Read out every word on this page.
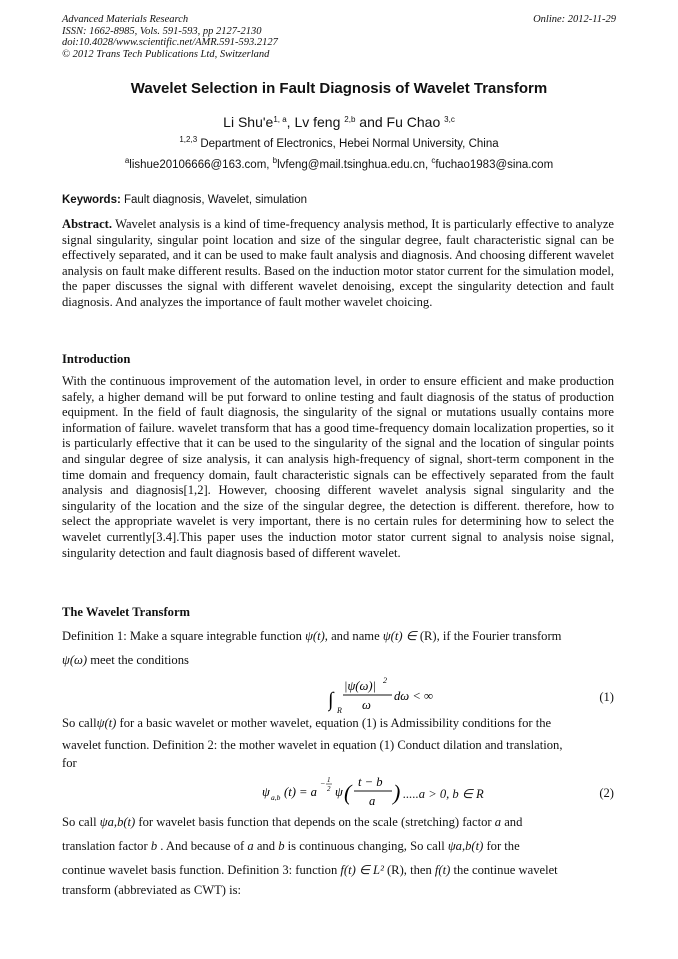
Advanced Materials Research
ISSN: 1662-8985, Vols. 591-593, pp 2127-2130
doi:10.4028/www.scientific.net/AMR.591-593.2127
© 2012 Trans Tech Publications Ltd, Switzerland
Online: 2012-11-29
Wavelet Selection in Fault Diagnosis of Wavelet Transform
Li $Shu'e^{1, a}$, Lv feng $^{2,b}$ and Fu Chao $^{3,c}$
$^{1,2,3}$ Department of Electronics, Hebei Normal University, China
$^a$lishue20106666@163.com, $^b$lvfeng@mail.tsinghua.edu.cn, $^c$fuchao1983@sina.com
Keywords: Fault diagnosis, Wavelet, simulation
Abstract. Wavelet analysis is a kind of time-frequency analysis method, It is particularly effective to analyze signal singularity, singular point location and size of the singular degree, fault characteristic signal can be effectively separated, and it can be used to make fault analysis and diagnosis. And choosing different wavelet analysis on fault make different results. Based on the induction motor stator current for the simulation model, the paper discusses the signal with different wavelet denoising, except the singularity detection and fault diagnosis. And analyzes the importance of fault mother wavelet choicing.
Introduction
With the continuous improvement of the automation level, in order to ensure efficient and make production safely, a higher demand will be put forward to online testing and fault diagnosis of the status of production equipment. In the field of fault diagnosis, the singularity of the signal or mutations usually contains more information of failure. wavelet transform that has a good time-frequency domain localization properties, so it is particularly effective that it can be used to the singularity of the signal and the location of singular points and singular degree of size analysis, it can analysis high-frequency of signal, short-term component in the time domain and frequency domain, fault characteristic signals can be effectively separated from the fault analysis and diagnosis[1,2]. However, choosing different wavelet analysis signal singularity and the singularity of the location and the size of the singular degree, the detection is different. therefore, how to select the appropriate wavelet is very important, there is no certain rules for determining how to select the wavelet currently[3.4].This paper uses the induction motor stator current signal to analysis noise signal, singularity detection and fault diagnosis based of different wavelet.
The Wavelet Transform
Definition 1: Make a square integrable function ψ(t), and name ψ(t) ∈ (R), if the Fourier transform
ψ(ω) meet the conditions
∫ R
|ψ(ω)| 2
ω
dω < ∞	(1)
So callψ(t) for a basic wavelet or mother wavelet, equation (1) is Admissibility conditions for the
wavelet function. Definition 2: the mother wavelet in equation (1) Conduct dilation and translation,
for
ψ a,b (t) = a
− 1
2 ψ ( t − b
a ) .....a > 0, b ∈ R	(2)
So call ψa,b(t) for wavelet basis function that depends on the scale (stretching) factor a and
translation factor b . And because of a and b is continuous changing, So call ψa,b(t) for the
continue wavelet basis function. Definition 3: function f(t) ∈ L² (R), then f(t) the continue wavelet
transform (abbreviated as CWT) is:
